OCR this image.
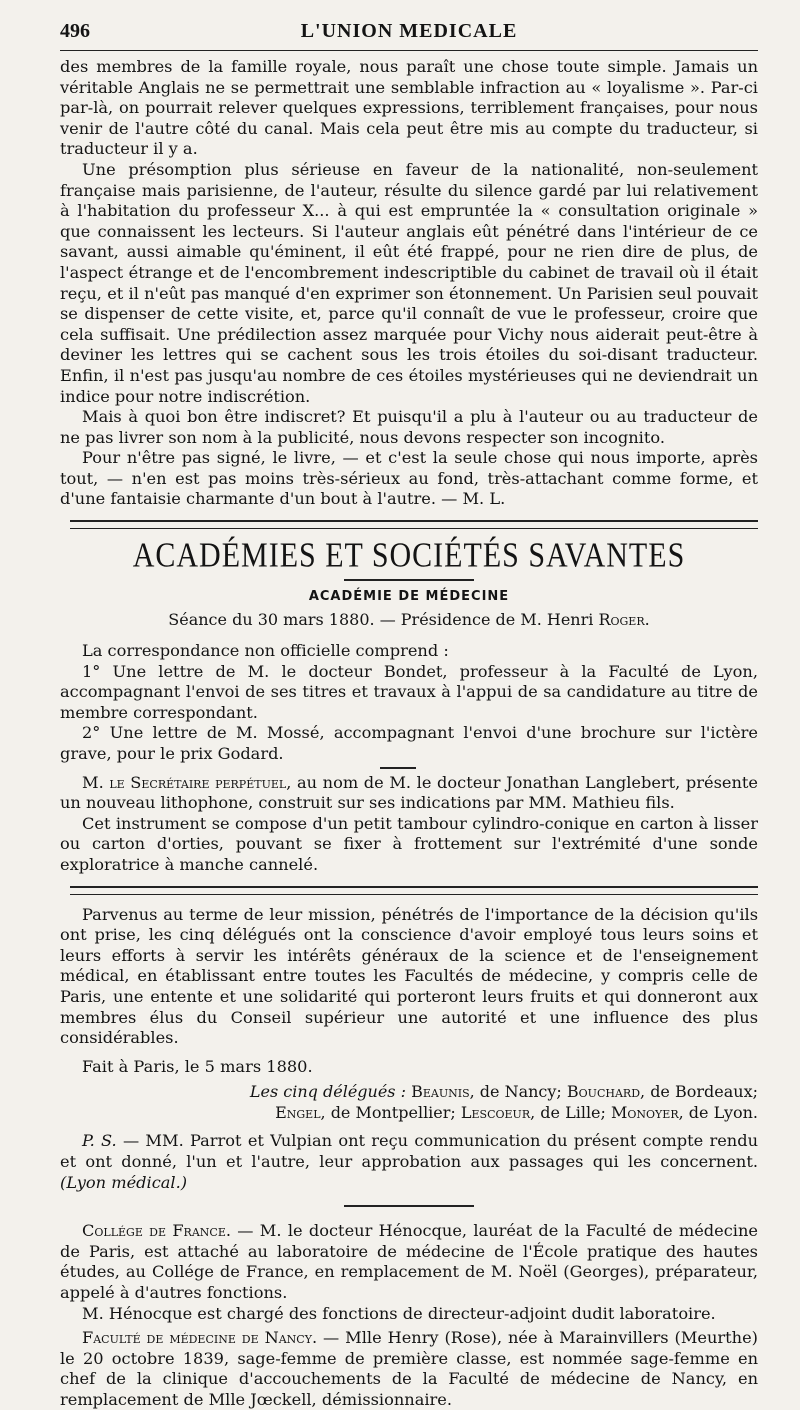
L'UNION MEDICALE
496

des membres de la famille royale, nous paraît une chose toute simple. Jamais un véritable Anglais ne se permettrait une semblable infraction au « loyalisme ». Par-ci par-là, on pourrait relever quelques expressions, terriblement françaises, pour nous venir de l'autre côté du canal. Mais cela peut être mis au compte du traducteur, si traducteur il y a.

Une présomption plus sérieuse en faveur de la nationalité, non-seulement française mais parisienne, de l'auteur, résulte du silence gardé par lui relativement à l'habitation du professeur X... à qui est empruntée la « consultation originale » que connaissent les lecteurs. Si l'auteur anglais eût pénétré dans l'intérieur de ce savant, aussi aimable qu'éminent, il eût été frappé, pour ne rien dire de plus, de l'aspect étrange et de l'encombrement indescriptible du cabinet de travail où il était reçu, et il n'eût pas manqué d'en exprimer son étonnement. Un Parisien seul pouvait se dispenser de cette visite, et, parce qu'il connaît de vue le professeur, croire que cela suffisait. Une prédilection assez marquée pour Vichy nous aiderait peut-être à deviner les lettres qui se cachent sous les trois étoiles du soi-disant traducteur. Enfin, il n'est pas jusqu'au nombre de ces étoiles mystérieuses qui ne deviendrait un indice pour notre indiscrétion.

Mais à quoi bon être indiscret? Et puisqu'il a plu à l'auteur ou au traducteur de ne pas livrer son nom à la publicité, nous devons respecter son incognito.

Pour n'être pas signé, le livre, — et c'est la seule chose qui nous importe, après tout, — n'en est pas moins très-sérieux au fond, très-attachant comme forme, et d'une fantaisie charmante d'un bout à l'autre. — M. L.

ACADÉMIES ET SOCIÉTÉS SAVANTES
ACADÉMIE DE MÉDECINE
Séance du 30 mars 1880. — Présidence de M. Henri Roger.

La correspondance non officielle comprend :

1° Une lettre de M. le docteur Bondet, professeur à la Faculté de Lyon, accompagnant l'envoi de ses titres et travaux à l'appui de sa candidature au titre de membre correspondant.

2° Une lettre de M. Mossé, accompagnant l'envoi d'une brochure sur l'ictère grave, pour le prix Godard.

M. le Secrétaire perpétuel, au nom de M. le docteur Jonathan Langlebert, présente un nouveau lithophone, construit sur ses indications par MM. Mathieu fils.

Cet instrument se compose d'un petit tambour cylindro-conique en carton à lisser ou carton d'orties, pouvant se fixer à frottement sur l'extrémité d'une sonde exploratrice à manche cannelé.

Parvenus au terme de leur mission, pénétrés de l'importance de la décision qu'ils ont prise, les cinq délégués ont la conscience d'avoir employé tous leurs soins et leurs efforts à servir les intérêts généraux de la science et de l'enseignement médical, en établissant entre toutes les Facultés de médecine, y compris celle de Paris, une entente et une solidarité qui porteront leurs fruits et qui donneront aux membres élus du Conseil supérieur une autorité et une influence des plus considérables.

Fait à Paris, le 5 mars 1880.

Les cinq délégués : Beaunis, de Nancy; Bouchard, de Bordeaux;
Engel, de Montpellier; Lescoeur, de Lille; Monoyer, de Lyon.

P. S. — MM. Parrot et Vulpian ont reçu communication du présent compte rendu et ont donné, l'un et l'autre, leur approbation aux passages qui les concernent. (Lyon médical.)

Collége de France. — M. le docteur Hénocque, lauréat de la Faculté de médecine de Paris, est attaché au laboratoire de médecine de l'École pratique des hautes études, au Collége de France, en remplacement de M. Noël (Georges), préparateur, appelé à d'autres fonctions.

M. Hénocque est chargé des fonctions de directeur-adjoint dudit laboratoire.

Faculté de médecine de Nancy. — Mlle Henry (Rose), née à Marainvillers (Meurthe) le 20 octobre 1839, sage-femme de première classe, est nommée sage-femme en chef de la clinique d'accouchements de la Faculté de médecine de Nancy, en remplacement de Mlle Jœckell, démissionnaire.
